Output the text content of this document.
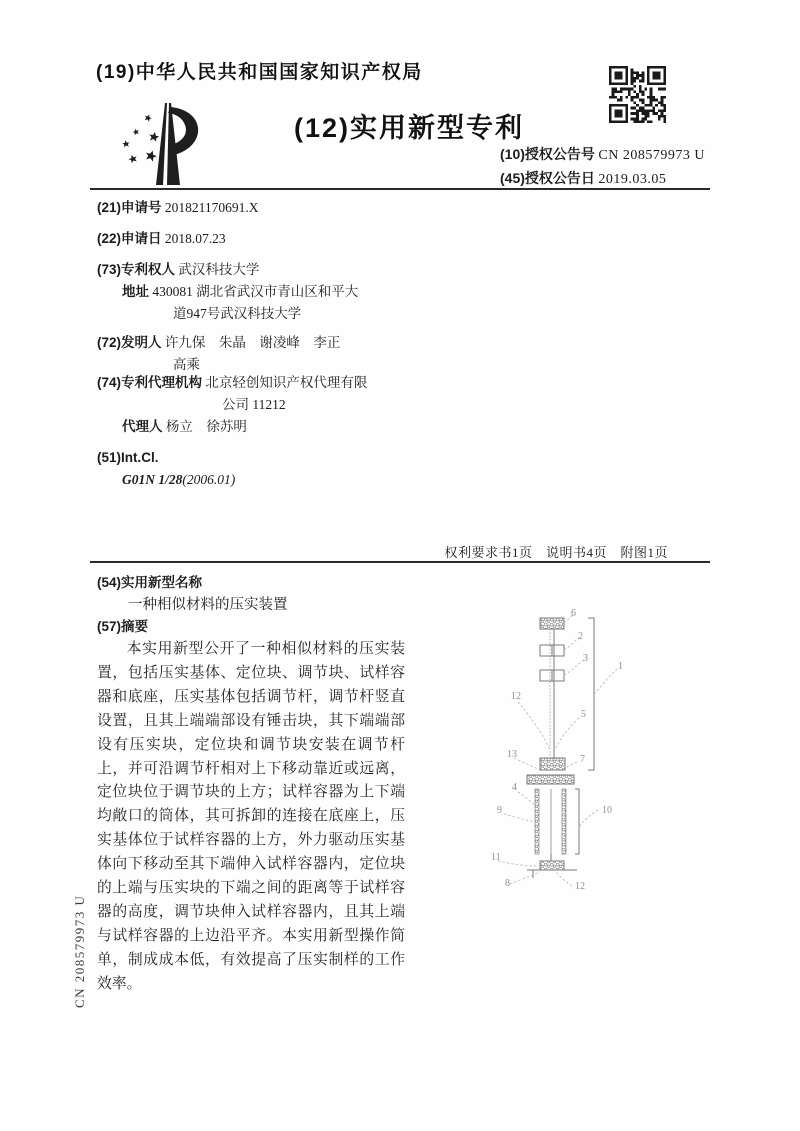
(19)中华人民共和国国家知识产权局
(12)实用新型专利
(10)授权公告号 CN 208579973 U
(45)授权公告日 2019.03.05
(21)申请号 201821170691.X
(22)申请日 2018.07.23
(73)专利权人 武汉科技大学
地址 430081 湖北省武汉市青山区和平大
道947号武汉科技大学
(72)发明人 许九保　朱晶　谢凌峰　李正
高乘
(74)专利代理机构 北京轻创知识产权代理有限
公司 11212
代理人 杨立　徐苏明
(51)Int.Cl.
G01N 1/28(2006.01)
权利要求书1页　说明书4页　附图1页
(54)实用新型名称
一种相似材料的压实装置
(57)摘要
本实用新型公开了一种相似材料的压实装置，包括压实基体、定位块、调节块、试样容器和底座，压实基体包括调节杆，调节杆竖直设置，且其上端端部设有锤击块，其下端端部设有压实块，定位块和调节块安装在调节杆上，并可沿调节杆相对上下移动靠近或远离，定位块位于调节块的上方；试样容器为上下端均敞口的筒体，其可拆卸的连接在底座上，压实基体位于试样容器的上方，外力驱动压实基体向下移动至其下端伸入试样容器内，定位块的上端与压实块的下端之间的距离等于试样容器的高度，调节块伸入试样容器内，且其上端与试样容器的上边沿平齐。本实用新型操作简单，制成成本低，有效提高了压实制样的工作效率。
6
2
3
1
12
5
13	7
4
9	10
11
8	12
CN 208579973 U
